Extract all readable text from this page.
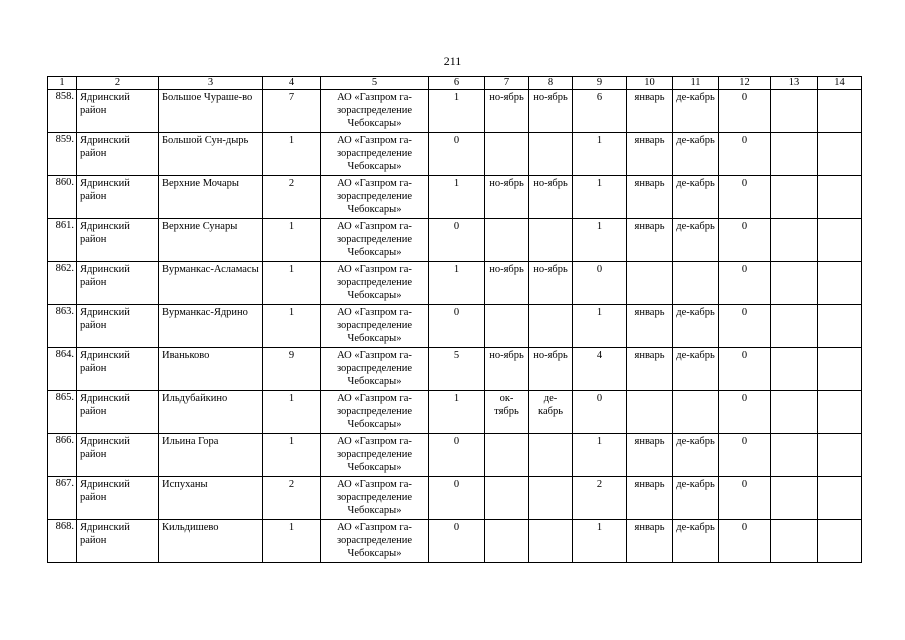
211
1	2	3	4	5	6	7	8	9	10	11	12	13	14
858.	Ядринский район	Большое Чураше-во	7	АО «Газпром га-зораспределение Чебоксары»	1	но-ябрь	но-ябрь	6	январь	де-кабрь	0		
859.	Ядринский район	Большой Сун-дырь	1	АО «Газпром га-зораспределение Чебоксары»	0			1	январь	де-кабрь	0		
860.	Ядринский район	Верхние Мочары	2	АО «Газпром га-зораспределение Чебоксары»	1	но-ябрь	но-ябрь	1	январь	де-кабрь	0		
861.	Ядринский район	Верхние Сунары	1	АО «Газпром га-зораспределение Чебоксары»	0			1	январь	де-кабрь	0		
862.	Ядринский район	Вурманкас-Асламасы	1	АО «Газпром га-зораспределение Чебоксары»	1	но-ябрь	но-ябрь	0			0		
863.	Ядринский район	Вурманкас-Ядрино	1	АО «Газпром га-зораспределение Чебоксары»	0			1	январь	де-кабрь	0		
864.	Ядринский район	Иваньково	9	АО «Газпром га-зораспределение Чебоксары»	5	но-ябрь	но-ябрь	4	январь	де-кабрь	0		
865.	Ядринский район	Ильдубайкино	1	АО «Газпром га-зораспределение Чебоксары»	1	ок-тябрь	де-кабрь	0			0		
866.	Ядринский район	Ильина Гора	1	АО «Газпром га-зораспределение Чебоксары»	0			1	январь	де-кабрь	0		
867.	Ядринский район	Испуханы	2	АО «Газпром га-зораспределение Чебоксары»	0			2	январь	де-кабрь	0		
868.	Ядринский район	Кильдишево	1	АО «Газпром га-зораспределение Чебоксары»	0			1	январь	де-кабрь	0		
